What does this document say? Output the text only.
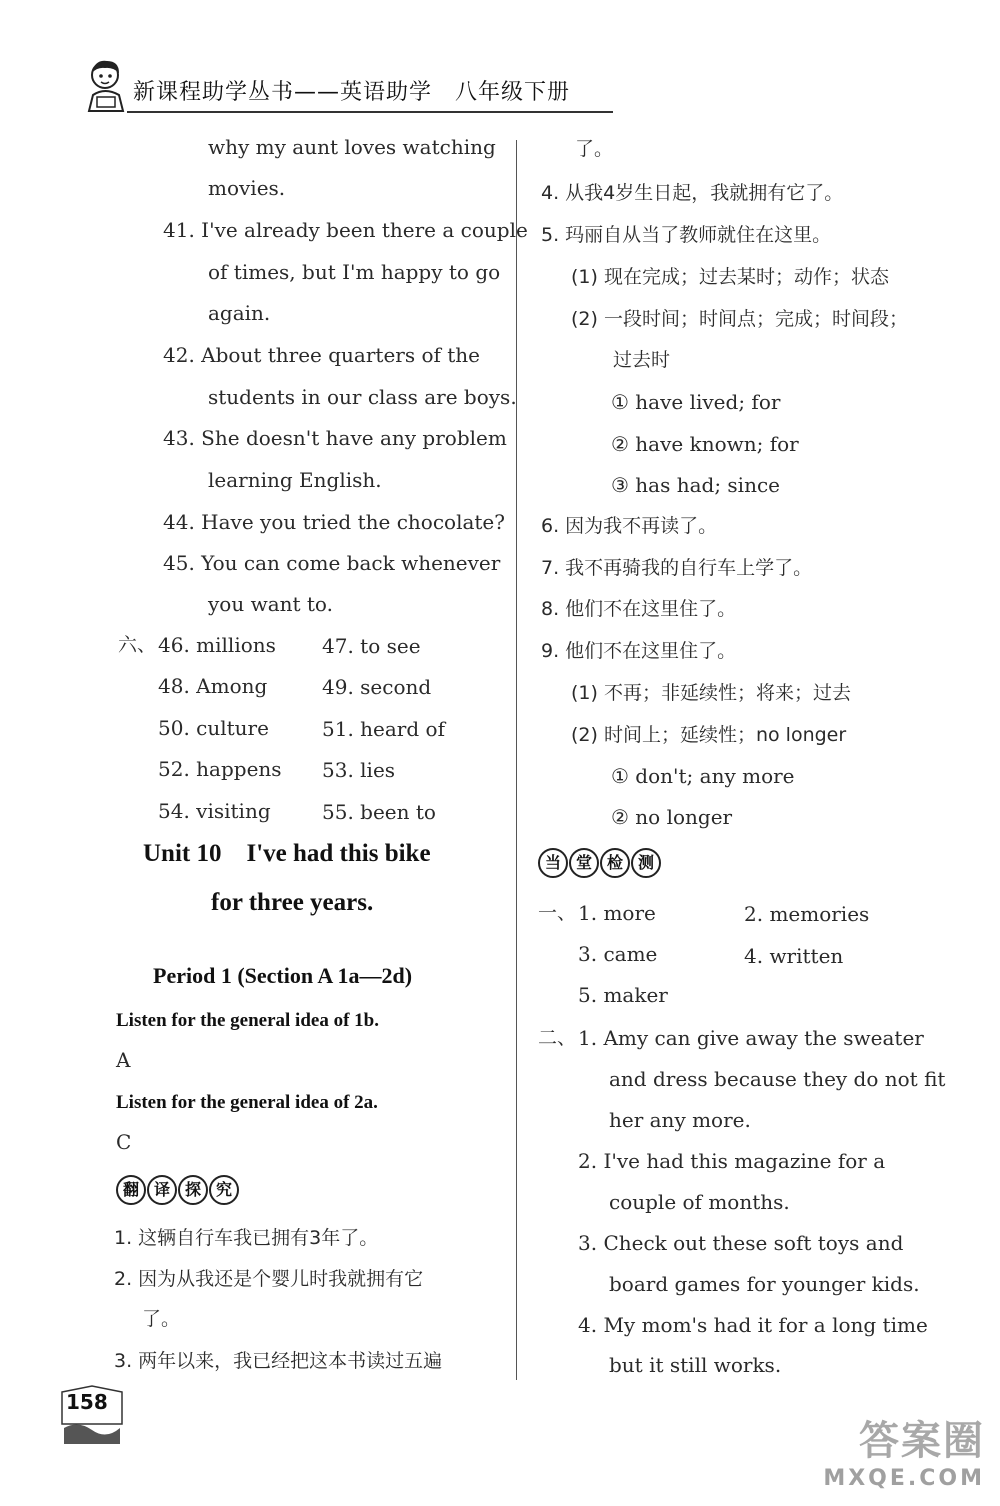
新课程助学丛书——英语助学　八年级下册
why my aunt loves watching
movies.
41. I've already been there a couple
of times, but I'm happy to go
again.
42. About three quarters of the
students in our class are boys.
43. She doesn't have any problem
learning English.
44. Have you tried the chocolate?
45. You can come back whenever
you want to.
六、 46. millions 47. to see
48. Among	49. second
50. culture	51. heard of
52. happens 53. lies
54. visiting	55. been to
Unit 10　I've had this bike
for three years.
Period 1 (Section A 1a—2d)
Listen for the general idea of 1b.
A
Listen for the general idea of 2a.
C
翻 译 探 究
1. 这辆自行车我已拥有3年了。
2. 因为从我还是个婴儿时我就拥有它
了。
3. 两年以来，我已经把这本书读过五遍
了。
4. 从我4岁生日起，我就拥有它了。
5. 玛丽自从当了教师就住在这里。
(1) 现在完成；过去某时；动作；状态
(2) 一段时间；时间点；完成；时间段；
过去时
① have lived; for
② have known; for
③ has had; since
6. 因为我不再读了。
7. 我不再骑我的自行车上学了。
8. 他们不在这里住了。
9. 他们不在这里住了。
(1) 不再；非延续性；将来；过去
(2) 时间上；延续性；no longer
① don't; any more
② no longer
当 堂 检 测
一、 1. more	2. memories
3. came	4. written
5. maker
二、 1. Amy can give away the sweater
and dress because they do not fit
her any more.
2. I've had this magazine for a
couple of months.
3. Check out these soft toys and
board games for younger kids.
4. My mom's had it for a long time
but it still works.
158
答案圈
MXQE.COM
